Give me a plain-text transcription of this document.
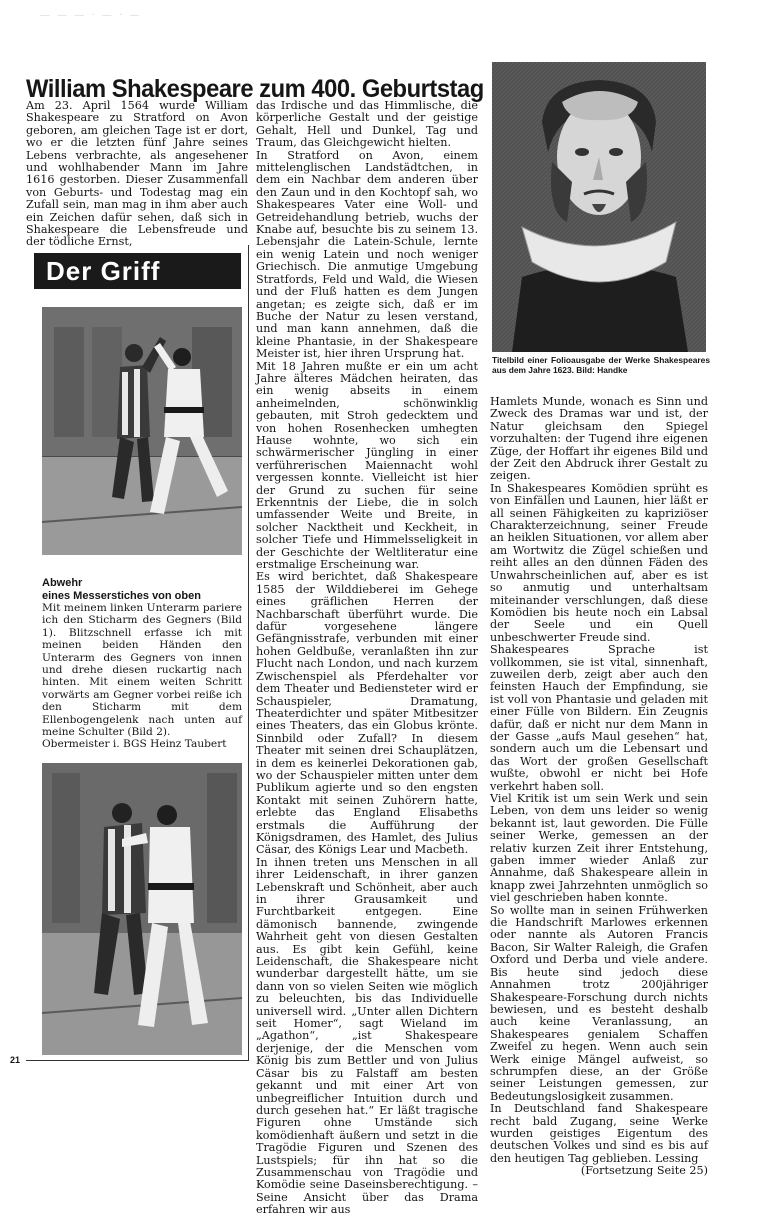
— — — · — · —
William Shakespeare zum 400. Geburtstag

Am 23. April 1564 wurde William Shakespeare zu Stratford on Avon geboren, am gleichen Tage ist er dort, wo er die letzten fünf Jahre seines Lebens verbrachte, als angesehener und wohlhabender Mann im Jahre 1616 gestorben. Dieser Zusammenfall von Geburts- und Todestag mag ein Zufall sein, man mag in ihm aber auch ein Zeichen dafür sehen, daß sich in Shakespeare die Lebensfreude und der tödliche Ernst,

Der Griff
Abwehr
eines Messerstiches von oben
Mit meinem linken Unterarm pariere ich den Sticharm des Gegners (Bild 1). Blitzschnell erfasse ich mit meinen beiden Händen den Unterarm des Gegners von innen und drehe diesen ruckartig nach hinten. Mit einem weiten Schritt vorwärts am Gegner vorbei reiße ich den Sticharm mit dem Ellenbogengelenk nach unten auf meine Schulter (Bild 2).
Obermeister i. BGS Heinz Taubert

das Irdische und das Himmlische, die körperliche Gestalt und der geistige Gehalt, Hell und Dunkel, Tag und Traum, das Gleichgewicht hielten.

In Stratford on Avon, einem mittelenglischen Landstädtchen, in dem ein Nachbar dem anderen über den Zaun und in den Kochtopf sah, wo Shakespeares Vater eine Woll- und Getreidehandlung betrieb, wuchs der Knabe auf, besuchte bis zu seinem 13. Lebensjahr die Latein-Schule, lernte ein wenig Latein und noch weniger Griechisch. Die anmutige Umgebung Stratfords, Feld und Wald, die Wiesen und der Fluß hatten es dem Jungen angetan; es zeigte sich, daß er im Buche der Natur zu lesen verstand, und man kann annehmen, daß die kleine Phantasie, in der Shakespeare Meister ist, hier ihren Ursprung hat.

Mit 18 Jahren mußte er ein um acht Jahre älteres Mädchen heiraten, das ein wenig abseits in einem anheimelnden, schönwinklig gebauten, mit Stroh gedecktem und von hohen Rosenhecken umhegten Hause wohnte, wo sich ein schwärmerischer Jüngling in einer verführerischen Maiennacht wohl vergessen konnte. Vielleicht ist hier der Grund zu suchen für seine Erkenntnis der Liebe, die in solch umfassender Weite und Breite, in solcher Nacktheit und Keckheit, in solcher Tiefe und Himmelsseligkeit in der Geschichte der Weltliteratur eine erstmalige Erscheinung war.

Es wird berichtet, daß Shakespeare 1585 der Wilddieberei im Gehege eines gräflichen Herren der Nachbarschaft überführt wurde. Die dafür vorgesehene längere Gefängnisstrafe, verbunden mit einer hohen Geldbuße, veranlaßten ihn zur Flucht nach London, und nach kurzem Zwischenspiel als Pferdehalter vor dem Theater und Bediensteter wird er Schauspieler, Dramatung, Theaterdichter und später Mitbesitzer eines Theaters, das ein Globus krönte. Sinnbild oder Zufall? In diesem Theater mit seinen drei Schauplätzen, in dem es keinerlei Dekorationen gab, wo der Schauspieler mitten unter dem Publikum agierte und so den engsten Kontakt mit seinen Zuhörern hatte, erlebte das England Elisabeths erstmals die Aufführung der Königsdramen, des Hamlet, des Julius Cäsar, des Königs Lear und Macbeth.

In ihnen treten uns Menschen in all ihrer Leidenschaft, in ihrer ganzen Lebenskraft und Schönheit, aber auch in ihrer Grausamkeit und Furchtbarkeit entgegen. Eine dämonisch bannende, zwingende Wahrheit geht von diesen Gestalten aus. Es gibt kein Gefühl, keine Leidenschaft, die Shakespeare nicht wunderbar dargestellt hätte, um sie dann von so vielen Seiten wie möglich zu beleuchten, bis das Individuelle universell wird. „Unter allen Dichtern seit Homer“, sagt Wieland im „Agathon“, „ist Shakespeare derjenige, der die Menschen vom König bis zum Bettler und von Julius Cäsar bis zu Falstaff am besten gekannt und mit einer Art von unbegreiflicher Intuition durch und durch gesehen hat.“ Er läßt tragische Figuren ohne Umstände sich komödienhaft äußern und setzt in die Tragödie Figuren und Szenen des Lustspiels; für ihn hat so die Zusammenschau von Tragödie und Komödie seine Daseinsberechtigung. – Seine Ansicht über das Drama erfahren wir aus

Titelbild einer Folioausgabe der Werke Shakespeares aus dem Jahre 1623. Bild: Handke

Hamlets Munde, wonach es Sinn und Zweck des Dramas war und ist, der Natur gleichsam den Spiegel vorzuhalten: der Tugend ihre eigenen Züge, der Hoffart ihr eigenes Bild und der Zeit den Abdruck ihrer Gestalt zu zeigen.

In Shakespeares Komödien sprüht es von Einfällen und Launen, hier läßt er all seinen Fähigkeiten zu kapriziöser Charakterzeichnung, seiner Freude an heiklen Situationen, vor allem aber am Wortwitz die Zügel schießen und reiht alles an den dünnen Fäden des Unwahrscheinlichen auf, aber es ist so anmutig und unterhaltsam miteinander verschlungen, daß diese Komödien bis heute noch ein Labsal der Seele und ein Quell unbeschwerter Freude sind.

Shakespeares Sprache ist vollkommen, sie ist vital, sinnenhaft, zuweilen derb, zeigt aber auch den feinsten Hauch der Empfindung, sie ist voll von Phantasie und geladen mit einer Fülle von Bildern. Ein Zeugnis dafür, daß er nicht nur dem Mann in der Gasse „aufs Maul gesehen“ hat, sondern auch um die Lebensart und das Wort der großen Gesellschaft wußte, obwohl er nicht bei Hofe verkehrt haben soll.

Viel Kritik ist um sein Werk und sein Leben, von dem uns leider so wenig bekannt ist, laut geworden. Die Fülle seiner Werke, gemessen an der relativ kurzen Zeit ihrer Entstehung, gaben immer wieder Anlaß zur Annahme, daß Shakespeare allein in knapp zwei Jahrzehnten unmöglich so viel geschrieben haben konnte.

So wollte man in seinen Frühwerken die Handschrift Marlowes erkennen oder nannte als Autoren Francis Bacon, Sir Walter Raleigh, die Grafen Oxford und Derba und viele andere. Bis heute sind jedoch diese Annahmen trotz 200jähriger Shakespeare-Forschung durch nichts bewiesen, und es besteht deshalb auch keine Veranlassung, an Shakespeares genialem Schaffen Zweifel zu hegen. Wenn auch sein Werk einige Mängel aufweist, so schrumpfen diese, an der Größe seiner Leistungen gemessen, zur Bedeutungslosigkeit zusammen.

In Deutschland fand Shakespeare recht bald Zugang, seine Werke wurden geistiges Eigentum des deutschen Volkes und sind es bis auf den heutigen Tag geblieben. Lessing

(Fortsetzung Seite 25)

21
